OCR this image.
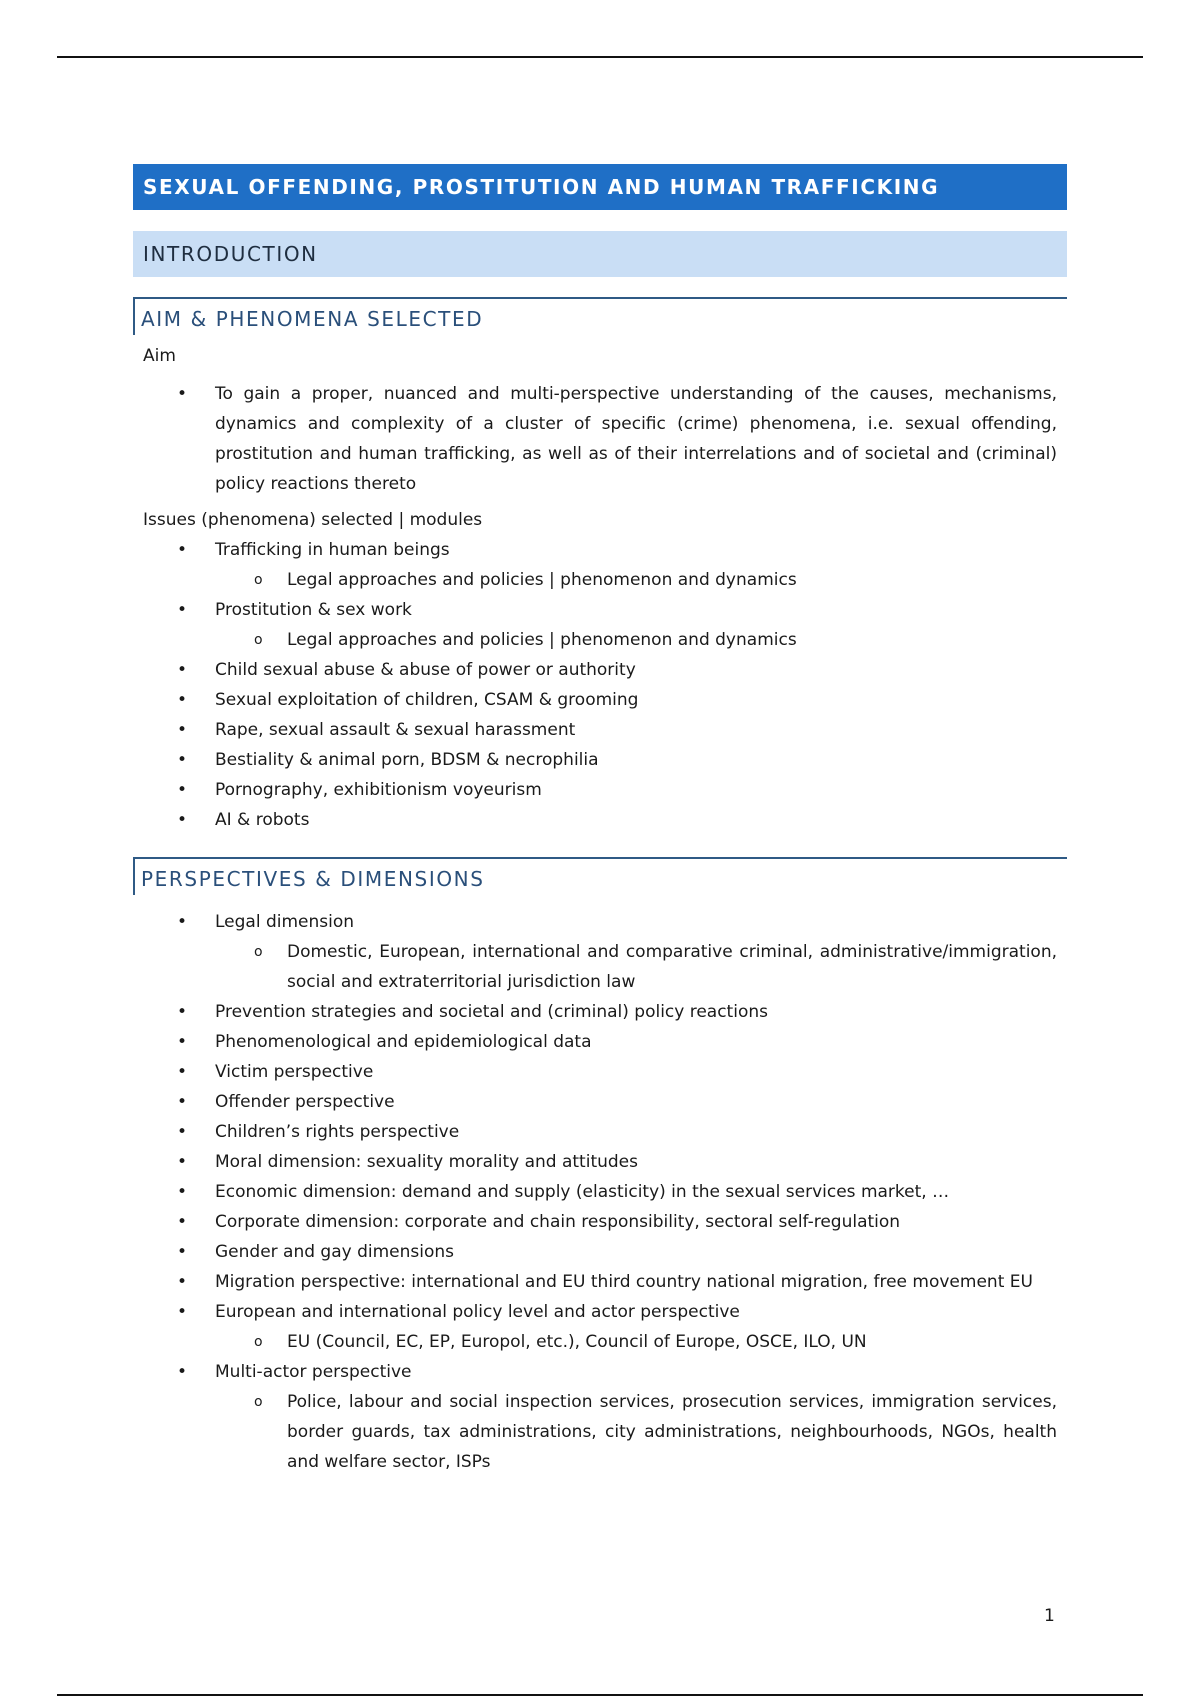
SEXUAL OFFENDING, PROSTITUTION AND HUMAN TRAFFICKING
INTRODUCTION
AIM & PHENOMENA SELECTED
Aim
• To gain a proper, nuanced and multi-perspective understanding of the causes, mechanisms, dynamics and complexity of a cluster of specific (crime) phenomena, i.e. sexual offending, prostitution and human trafficking, as well as of their interrelations and of societal and (criminal) policy reactions thereto
Issues (phenomena) selected | modules
• Trafficking in human beings
o Legal approaches and policies | phenomenon and dynamics
• Prostitution & sex work
o Legal approaches and policies | phenomenon and dynamics
• Child sexual abuse & abuse of power or authority
• Sexual exploitation of children, CSAM & grooming
• Rape, sexual assault & sexual harassment
• Bestiality & animal porn, BDSM & necrophilia
• Pornography, exhibitionism voyeurism
• AI & robots
PERSPECTIVES & DIMENSIONS
• Legal dimension
o Domestic, European, international and comparative criminal, administrative/immigration, social and extraterritorial jurisdiction law
• Prevention strategies and societal and (criminal) policy reactions
• Phenomenological and epidemiological data
• Victim perspective
• Offender perspective
• Children’s rights perspective
• Moral dimension: sexuality morality and attitudes
• Economic dimension: demand and supply (elasticity) in the sexual services market, …
• Corporate dimension: corporate and chain responsibility, sectoral self-regulation
• Gender and gay dimensions
• Migration perspective: international and EU third country national migration, free movement EU
• European and international policy level and actor perspective
o EU (Council, EC, EP, Europol, etc.), Council of Europe, OSCE, ILO, UN
• Multi-actor perspective
o Police, labour and social inspection services, prosecution services, immigration services, border guards, tax administrations, city administrations, neighbourhoods, NGOs, health and welfare sector, ISPs
1
